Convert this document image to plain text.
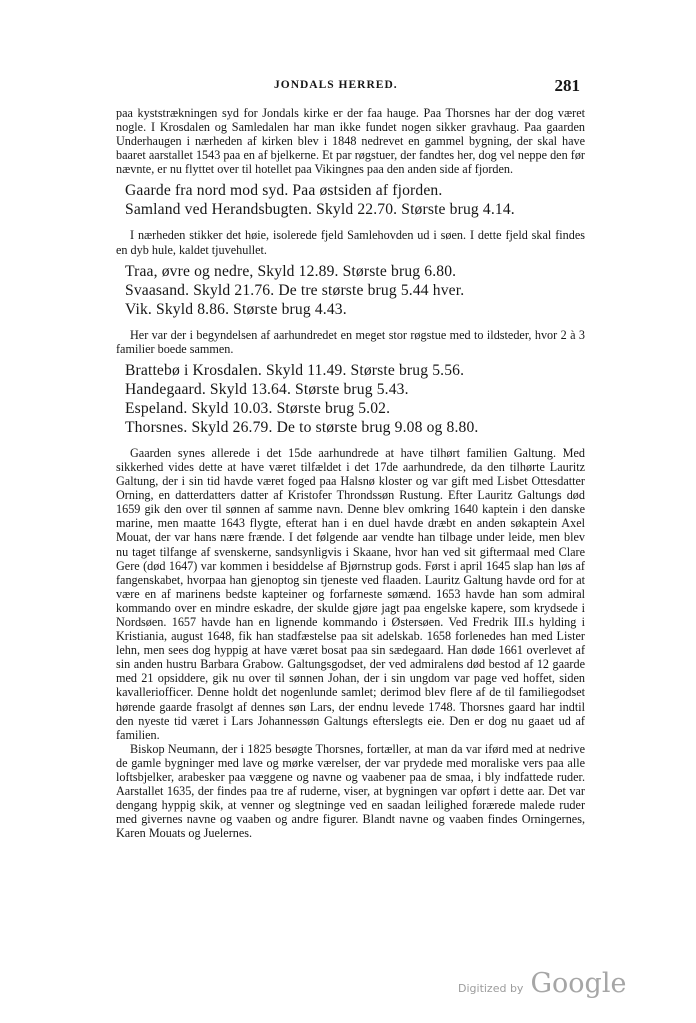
JONDALS HERRED.	281

paa kyststrækningen syd for Jondals kirke er der faa hauge. Paa Thorsnes har der dog været nogle. I Krosdalen og Samledalen har man ikke fundet nogen sikker gravhaug. Paa gaarden Underhaugen i nærheden af kirken blev i 1848 nedrevet en gammel bygning, der skal have baaret aarstallet 1543 paa en af bjelkerne. Et par røgstuer, der fandtes her, dog vel neppe den før nævnte, er nu flyttet over til hotellet paa Vikingnes paa den anden side af fjorden.

Gaarde fra nord mod syd. Paa østsiden af fjorden.
Samland ved Herandsbugten. Skyld 22.70. Største brug 4.14.

I nærheden stikker det høie, isolerede fjeld Samlehovden ud i søen. I dette fjeld skal findes en dyb hule, kaldet tjuvehullet.

Traa, øvre og nedre, Skyld 12.89. Største brug 6.80.
Svaasand. Skyld 21.76. De tre største brug 5.44 hver.
Vik. Skyld 8.86. Største brug 4.43.

Her var der i begyndelsen af aarhundredet en meget stor røgstue med to ildsteder, hvor 2 à 3 familier boede sammen.

Brattebø i Krosdalen. Skyld 11.49. Største brug 5.56.
Handegaard. Skyld 13.64. Største brug 5.43.
Espeland. Skyld 10.03. Største brug 5.02.
Thorsnes. Skyld 26.79. De to største brug 9.08 og 8.80.

Gaarden synes allerede i det 15de aarhundrede at have tilhørt familien Galtung. Med sikkerhed vides dette at have været tilfældet i det 17de aarhundrede, da den tilhørte Lauritz Galtung, der i sin tid havde været foged paa Halsnø kloster og var gift med Lisbet Ottesdatter Orning, en datterdatters datter af Kristofer Throndssøn Rustung. Efter Lauritz Galtungs død 1659 gik den over til sønnen af samme navn. Denne blev omkring 1640 kaptein i den danske marine, men maatte 1643 flygte, efterat han i en duel havde dræbt en anden søkaptein Axel Mouat, der var hans nære frænde. I det følgende aar vendte han tilbage under leide, men blev nu taget tilfange af svenskerne, sandsynligvis i Skaane, hvor han ved sit giftermaal med Clare Gere (død 1647) var kommen i besiddelse af Bjørnstrup gods. Først i april 1645 slap han løs af fangenskabet, hvorpaa han gjenoptog sin tjeneste ved flaaden. Lauritz Galtung havde ord for at være en af marinens bedste kapteiner og forfarneste sømænd. 1653 havde han som admiral kommando over en mindre eskadre, der skulde gjøre jagt paa engelske kapere, som krydsede i Nordsøen. 1657 havde han en lignende kommando i Østersøen. Ved Fredrik III.s hylding i Kristiania, august 1648, fik han stadfæstelse paa sit adelskab. 1658 forlenedes han med Lister lehn, men sees dog hyppig at have været bosat paa sin sædegaard. Han døde 1661 overlevet af sin anden hustru Barbara Grabow. Galtungsgodset, der ved admiralens død bestod af 12 gaarde med 21 opsiddere, gik nu over til sønnen Johan, der i sin ungdom var page ved hoffet, siden kavalleriofficer. Denne holdt det nogenlunde samlet; derimod blev flere af de til familiegodset hørende gaarde frasolgt af dennes søn Lars, der endnu levede 1748. Thorsnes gaard har indtil den nyeste tid været i Lars Johannessøn Galtungs efterslegts eie. Den er dog nu gaaet ud af familien.

Biskop Neumann, der i 1825 besøgte Thorsnes, fortæller, at man da var iførd med at nedrive de gamle bygninger med lave og mørke værelser, der var prydede med moraliske vers paa alle loftsbjelker, arabesker paa væggene og navne og vaabener paa de smaa, i bly indfattede ruder. Aarstallet 1635, der findes paa tre af ruderne, viser, at bygningen var opført i dette aar. Det var dengang hyppig skik, at venner og slegtninge ved en saadan leilighed forærede malede ruder med givernes navne og vaaben og andre figurer. Blandt navne og vaaben findes Orningernes, Karen Mouats og Juelernes.

Digitized by Google
